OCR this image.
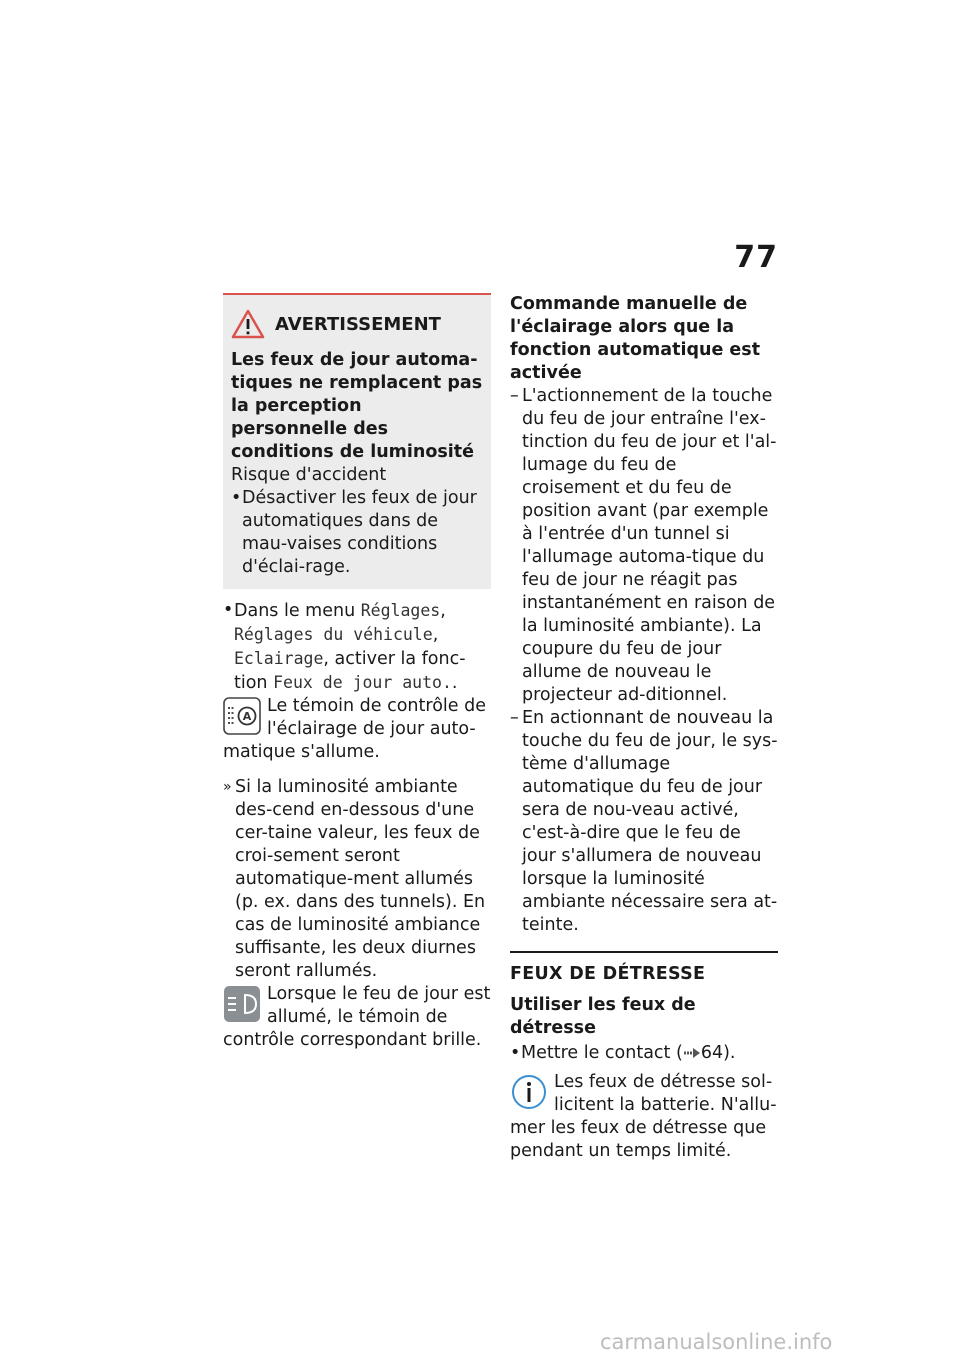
77
AVERTISSEMENT

Les feux de jour automa-tiques ne remplacent pas la perception personnelle des conditions de luminosité

Risque d'accident

• Désactiver les feux de jour automatiques dans de mau-vaises conditions d'éclai-rage.

• Dans le menu Réglages, Réglages du véhicule, Eclairage, activer la fonc-tion Feux de jour auto..

A

Le témoin de contrôle de l'éclairage de jour auto-matique s'allume.

» Si la luminosité ambiante des-cend en-dessous d'une cer-taine valeur, les feux de croi-sement seront automatique-ment allumés (p. ex. dans des tunnels). En cas de luminosité ambiance suffisante, les deux diurnes seront rallumés.

Lorsque le feu de jour est allumé, le témoin de contrôle correspondant brille.

Commande manuelle de l'éclairage alors que la fonction automatique est activée

– L'actionnement de la touche du feu de jour entraîne l'ex-tinction du feu de jour et l'al-lumage du feu de croisement et du feu de position avant (par exemple à l'entrée d'un tunnel si l'allumage automa-tique du feu de jour ne réagit pas instantanément en raison de la luminosité ambiante). La coupure du feu de jour allume de nouveau le projecteur ad-ditionnel.

– En actionnant de nouveau la touche du feu de jour, le sys-tème d'allumage automatique du feu de jour sera de nou-veau activé, c'est-à-dire que le feu de jour s'allumera de nouveau lorsque la luminosité ambiante nécessaire sera at-teinte.

FEUX DE DÉTRESSE

Utiliser les feux de détresse

• Mettre le contact ( 64).

Les feux de détresse sol-licitent la batterie. N'allu-mer les feux de détresse que pendant un temps limité.

carmanualsonline.info
